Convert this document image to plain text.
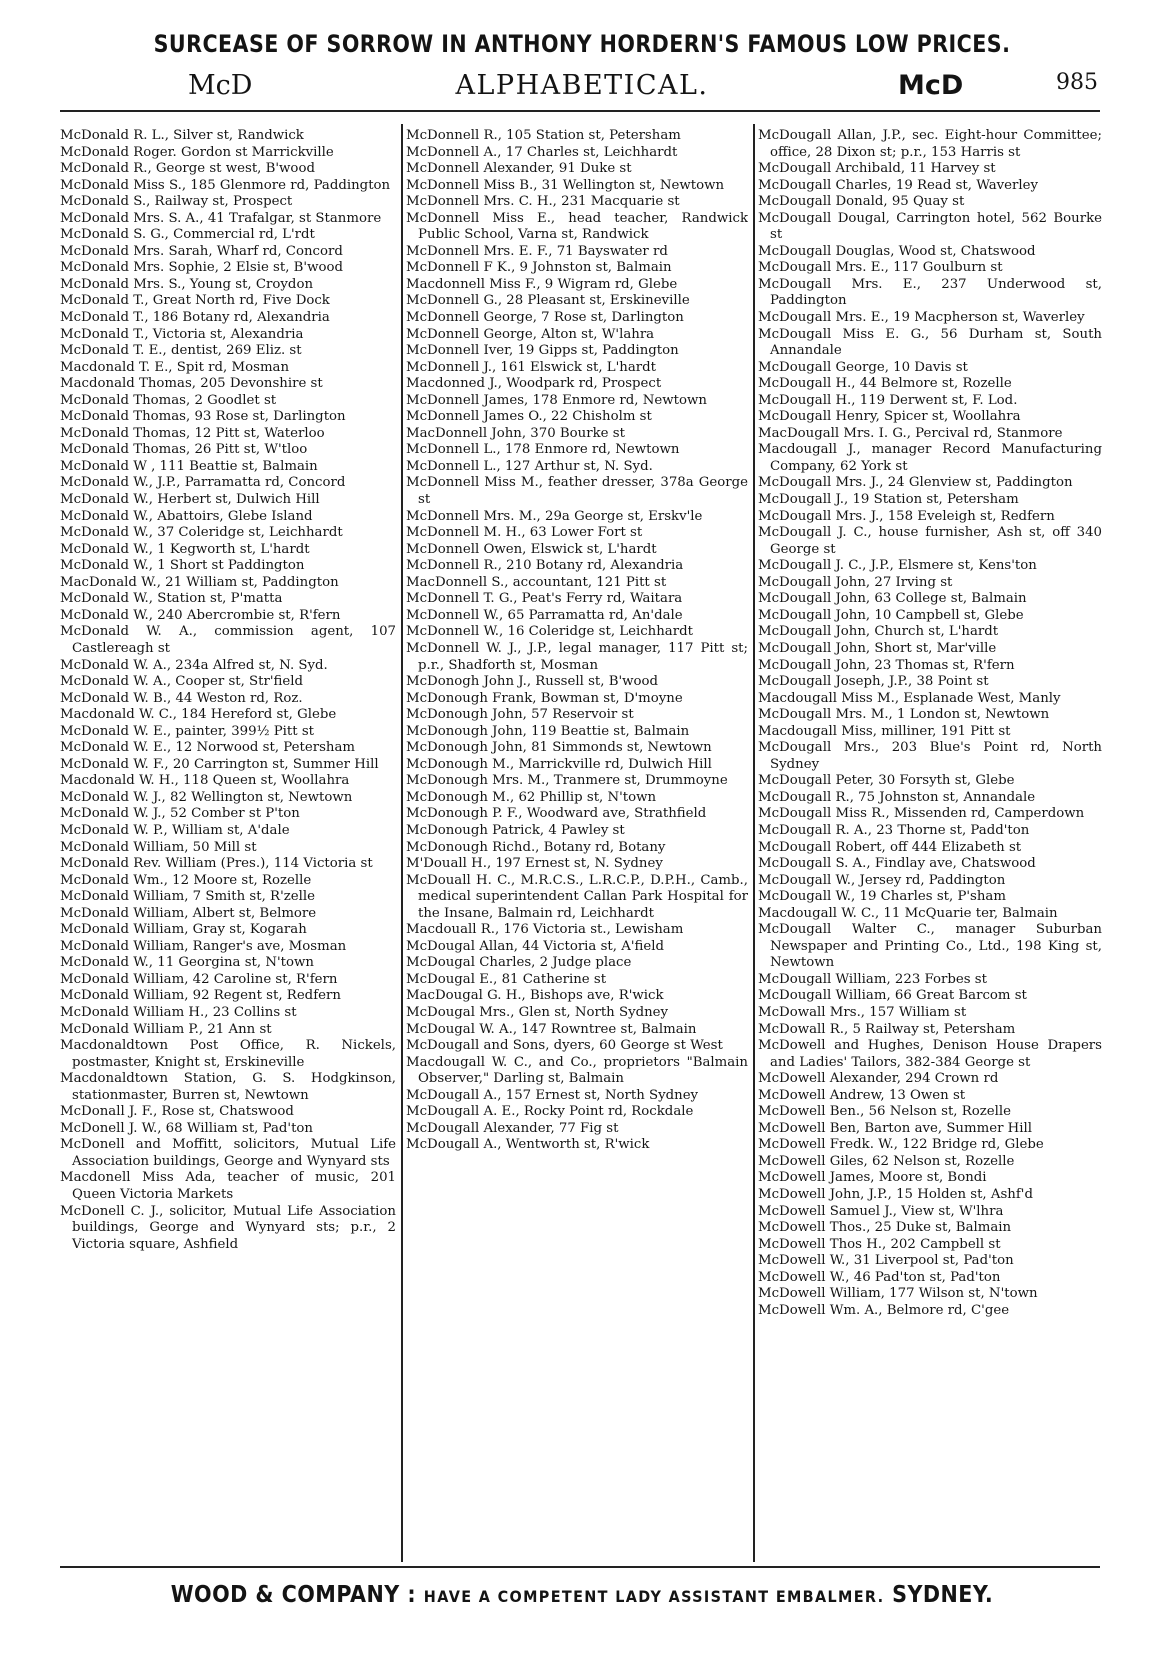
SURCEASE OF SORROW IN ANTHONY HORDERN'S FAMOUS LOW PRICES.
McD	ALPHABETICAL.	McD	985

McDonald R. L., Silver st, Randwick

McDonald Roger. Gordon st Marrickville

McDonald R., George st west, B'wood

McDonald Miss S., 185 Glenmore rd, Paddington

McDonald S., Railway st, Prospect

McDonald Mrs. S. A., 41 Trafalgar, st Stanmore

McDonald S. G., Commercial rd, L'rdt

McDonald Mrs. Sarah, Wharf rd, Concord

McDonald Mrs. Sophie, 2 Elsie st, B'wood

McDonald Mrs. S., Young st, Croydon

McDonald T., Great North rd, Five Dock

McDonald T., 186 Botany rd, Alexandria

McDonald T., Victoria st, Alexandria

McDonald T. E., dentist, 269 Eliz. st

Macdonald T. E., Spit rd, Mosman

Macdonald Thomas, 205 Devonshire st

McDonald Thomas, 2 Goodlet st

McDonald Thomas, 93 Rose st, Darlington

McDonald Thomas, 12 Pitt st, Waterloo

McDonald Thomas, 26 Pitt st, W'tloo

McDonald W , 111 Beattie st, Balmain

McDonald W., J.P., Parramatta rd, Concord

McDonald W., Herbert st, Dulwich Hill

McDonald W., Abattoirs, Glebe Island

McDonald W., 37 Coleridge st, Leichhardt

McDonald W., 1 Kegworth st, L'hardt

McDonald W., 1 Short st Paddington

MacDonald W., 21 William st, Paddington

McDonald W., Station st, P'matta

McDonald W., 240 Abercrombie st, R'fern

McDonald W. A., commission agent, 107 Castlereagh st

McDonald W. A., 234a Alfred st, N. Syd.

McDonald W. A., Cooper st, Str'field

McDonald W. B., 44 Weston rd, Roz.

Macdonald W. C., 184 Hereford st, Glebe

McDonald W. E., painter, 399½ Pitt st

McDonald W. E., 12 Norwood st, Petersham

McDonald W. F., 20 Carrington st, Summer Hill

Macdonald W. H., 118 Queen st, Woollahra

McDonald W. J., 82 Wellington st, Newtown

McDonald W. J., 52 Comber st P'ton

McDonald W. P., William st, A'dale

McDonald William, 50 Mill st

McDonald Rev. William (Pres.), 114 Victoria st

McDonald Wm., 12 Moore st, Rozelle

McDonald William, 7 Smith st, R'zelle

McDonald William, Albert st, Belmore

McDonald William, Gray st, Kogarah

McDonald William, Ranger's ave, Mosman

McDonald W., 11 Georgina st, N'town

McDonald William, 42 Caroline st, R'fern

McDonald William, 92 Regent st, Redfern

McDonald William H., 23 Collins st

McDonald William P., 21 Ann st

Macdonaldtown Post Office, R. Nickels, postmaster, Knight st, Erskineville

Macdonaldtown Station, G. S. Hodgkinson, stationmaster, Burren st, Newtown

McDonall J. F., Rose st, Chatswood

McDonell J. W., 68 William st, Pad'ton

McDonell and Moffitt, solicitors, Mutual Life Association buildings, George and Wynyard sts

Macdonell Miss Ada, teacher of music, 201 Queen Victoria Markets

McDonell C. J., solicitor, Mutual Life Association buildings, George and Wynyard sts; p.r., 2 Victoria square, Ashfield

McDonnell R., 105 Station st, Petersham

McDonnell A., 17 Charles st, Leichhardt

McDonnell Alexander, 91 Duke st

McDonnell Miss B., 31 Wellington st, Newtown

McDonnell Mrs. C. H., 231 Macquarie st

McDonnell Miss E., head teacher, Randwick Public School, Varna st, Randwick

McDonnell Mrs. E. F., 71 Bayswater rd

McDonnell F K., 9 Johnston st, Balmain

Macdonnell Miss F., 9 Wigram rd, Glebe

McDonnell G., 28 Pleasant st, Erskineville

McDonnell George, 7 Rose st, Darlington

McDonnell George, Alton st, W'lahra

McDonnell Iver, 19 Gipps st, Paddington

McDonnell J., 161 Elswick st, L'hardt

Macdonned J., Woodpark rd, Prospect

McDonnell James, 178 Enmore rd, Newtown

McDonnell James O., 22 Chisholm st

MacDonnell John, 370 Bourke st

McDonnell L., 178 Enmore rd, Newtown

McDonnell L., 127 Arthur st, N. Syd.

McDonnell Miss M., feather dresser, 378a George st

McDonnell Mrs. M., 29a George st, Erskv'le

McDonnell M. H., 63 Lower Fort st

McDonnell Owen, Elswick st, L'hardt

McDonnell R., 210 Botany rd, Alexandria

MacDonnell S., accountant, 121 Pitt st

McDonnell T. G., Peat's Ferry rd, Waitara

McDonnell W., 65 Parramatta rd, An'dale

McDonnell W., 16 Coleridge st, Leichhardt

McDonnell W. J., J.P., legal manager, 117 Pitt st; p.r., Shadforth st, Mosman

McDonogh John J., Russell st, B'wood

McDonough Frank, Bowman st, D'moyne

McDonough John, 57 Reservoir st

McDonough John, 119 Beattie st, Balmain

McDonough John, 81 Simmonds st, Newtown

McDonough M., Marrickville rd, Dulwich Hill

McDonough Mrs. M., Tranmere st, Drummoyne

McDonough M., 62 Phillip st, N'town

McDonough P. F., Woodward ave, Strathfield

McDonough Patrick, 4 Pawley st

McDonough Richd., Botany rd, Botany

M'Douall H., 197 Ernest st, N. Sydney

McDouall H. C., M.R.C.S., L.R.C.P., D.P.H., Camb., medical superintendent Callan Park Hospital for the Insane, Balmain rd, Leichhardt

Macdouall R., 176 Victoria st., Lewisham

McDougal Allan, 44 Victoria st, A'field

McDougal Charles, 2 Judge place

McDougal E., 81 Catherine st

MacDougal G. H., Bishops ave, R'wick

McDougal Mrs., Glen st, North Sydney

McDougal W. A., 147 Rowntree st, Balmain

McDougall and Sons, dyers, 60 George st West

Macdougall W. C., and Co., proprietors "Balmain Observer," Darling st, Balmain

McDougall A., 157 Ernest st, North Sydney

McDougall A. E., Rocky Point rd, Rockdale

McDougall Alexander, 77 Fig st

McDougall A., Wentworth st, R'wick

McDougall Allan, J.P., sec. Eight-hour Committee; office, 28 Dixon st; p.r., 153 Harris st

McDougall Archibald, 11 Harvey st

McDougall Charles, 19 Read st, Waverley

McDougall Donald, 95 Quay st

McDougall Dougal, Carrington hotel, 562 Bourke st

McDougall Douglas, Wood st, Chatswood

McDougall Mrs. E., 117 Goulburn st

McDougall Mrs. E., 237 Underwood st, Paddington

McDougall Mrs. E., 19 Macpherson st, Waverley

McDougall Miss E. G., 56 Durham st, South Annandale

McDougall George, 10 Davis st

McDougall H., 44 Belmore st, Rozelle

McDougall H., 119 Derwent st, F. Lod.

McDougall Henry, Spicer st, Woollahra

MacDougall Mrs. I. G., Percival rd, Stanmore

Macdougall J., manager Record Manufacturing Company, 62 York st

McDougall Mrs. J., 24 Glenview st, Paddington

McDougall J., 19 Station st, Petersham

McDougall Mrs. J., 158 Eveleigh st, Redfern

McDougall J. C., house furnisher, Ash st, off 340 George st

McDougall J. C., J.P., Elsmere st, Kens'ton

McDougall John, 27 Irving st

McDougall John, 63 College st, Balmain

McDougall John, 10 Campbell st, Glebe

McDougall John, Church st, L'hardt

McDougall John, Short st, Mar'ville

McDougall John, 23 Thomas st, R'fern

McDougall Joseph, J.P., 38 Point st

Macdougall Miss M., Esplanade West, Manly

McDougall Mrs. M., 1 London st, Newtown

Macdougall Miss, milliner, 191 Pitt st

McDougall Mrs., 203 Blue's Point rd, North Sydney

McDougall Peter, 30 Forsyth st, Glebe

McDougall R., 75 Johnston st, Annandale

McDougall Miss R., Missenden rd, Camperdown

McDougall R. A., 23 Thorne st, Padd'ton

McDougall Robert, off 444 Elizabeth st

McDougall S. A., Findlay ave, Chatswood

McDougall W., Jersey rd, Paddington

McDougall W., 19 Charles st, P'sham

Macdougall W. C., 11 McQuarie ter, Balmain

McDougall Walter C., manager Suburban Newspaper and Printing Co., Ltd., 198 King st, Newtown

McDougall William, 223 Forbes st

McDougall William, 66 Great Barcom st

McDowall Mrs., 157 William st

McDowall R., 5 Railway st, Petersham

McDowell and Hughes, Denison House Drapers and Ladies' Tailors, 382-384 George st

McDowell Alexander, 294 Crown rd

McDowell Andrew, 13 Owen st

McDowell Ben., 56 Nelson st, Rozelle

McDowell Ben, Barton ave, Summer Hill

McDowell Fredk. W., 122 Bridge rd, Glebe

McDowell Giles, 62 Nelson st, Rozelle

McDowell James, Moore st, Bondi

McDowell John, J.P., 15 Holden st, Ashf'd

McDowell Samuel J., View st, W'lhra

McDowell Thos., 25 Duke st, Balmain

McDowell Thos H., 202 Campbell st

McDowell W., 31 Liverpool st, Pad'ton

McDowell W., 46 Pad'ton st, Pad'ton

McDowell William, 177 Wilson st, N'town

McDowell Wm. A., Belmore rd, C'gee

WOOD & COMPANY : HAVE A COMPETENT LADY ASSISTANT EMBALMER. SYDNEY.
